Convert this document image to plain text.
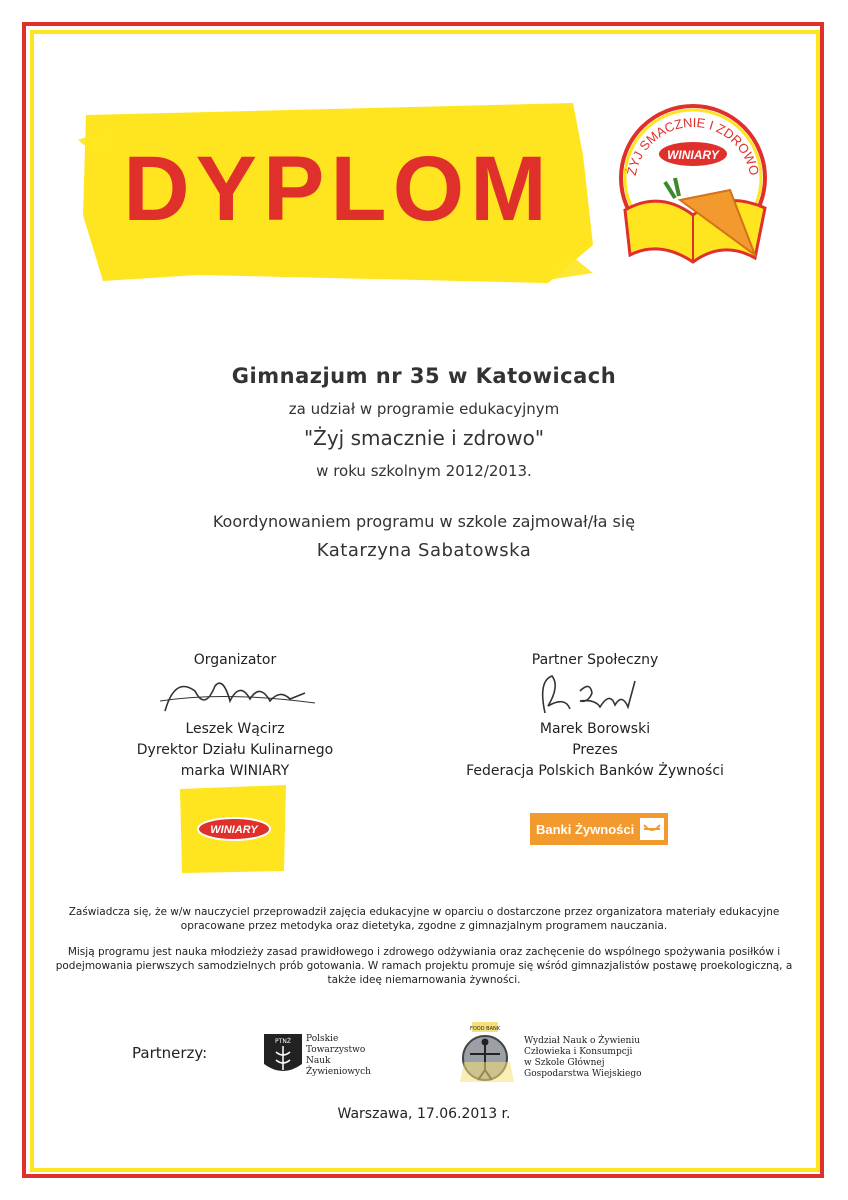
DYPLOM	ŻYJ SMACZNIE I ZDROWO
WINIARY
Gimnazjum nr 35 w Katowicach
za udział w programie edukacyjnym
"Żyj smacznie i zdrowo"
w roku szkolnym 2012/2013.
Koordynowaniem programu w szkole zajmował/ła się
Katarzyna Sabatowska
Organizator
Leszek Wącirz
Dyrektor Działu Kulinarnego
marka WINIARY
Partner Społeczny
Marek Borowski
Prezes
Federacja Polskich Banków Żywności
WINIARY	Banki Żywności
Zaświadcza się, że w/w nauczyciel przeprowadził zajęcia edukacyjne w oparciu o dostarczone przez organizatora materiały edukacyjne opracowane przez metodyka oraz dietetyka, zgodne z gimnazjalnym programem nauczania.
Misją programu jest nauka młodzieży zasad prawidłowego i zdrowego odżywiania oraz zachęcenie do wspólnego spożywania posiłków i podejmowania pierwszych samodzielnych prób gotowania. W ramach projektu promuje się wśród gimnazjalistów postawę proekologiczną, a także ideę niemarnowania żywności.
Partnerzy:
PTNŻ Polskie
Towarzystwo
Nauk
Żywieniowych
FOOD BANK
Wydział Nauk o Żywieniu
Człowieka i Konsumpcji
w Szkole Głównej
Gospodarstwa Wiejskiego
Warszawa, 17.06.2013 r.
